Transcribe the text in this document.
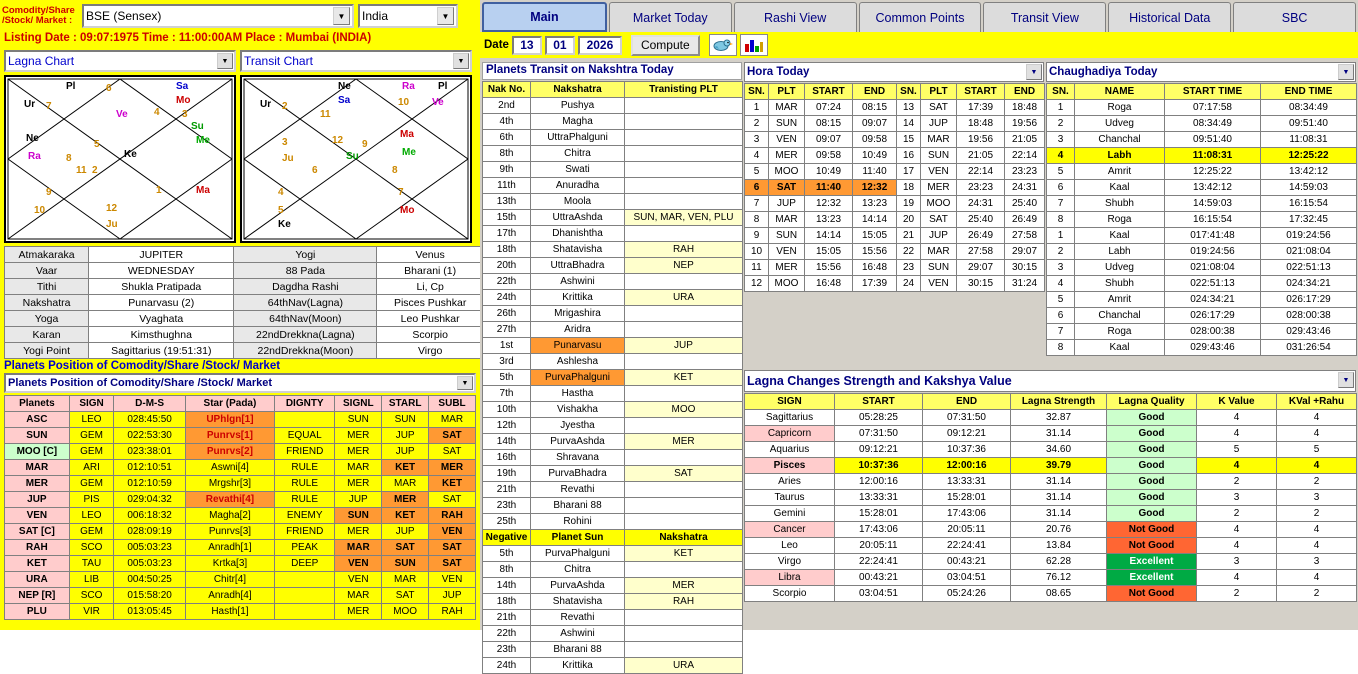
Comodity/Share /Stock/ Market :	BSE (Sensex)	▼	India	▼
Listing Date : 09:07:1975 Time : 11:00:00AM Place : Mumbai (INDIA)
Lagna Chart	▼	Transit Chart	▼
6
Pl
Ur 7
Sa
Mo
3
Su
Me
Ve	4
Ne
Ra
5
8
2
11
Ke
9	1	Ma
10	12
Ju
Ne
Sa
Ur 2
11
Ra Pl
10 Ve
3
Ju
12
Su
9
Ma
Me
6	8
4
5
Ke
7
Mo
Atmakaraka	JUPITER	Yogi	Venus
Vaar	WEDNESDAY	88 Pada	Bharani (1)
Tithi	Shukla Pratipada	Dagdha Rashi	Li, Cp
Nakshatra	Punarvasu (2)	64thNav(Lagna)	Pisces Pushkar
Yoga	Vyaghata	64thNav(Moon)	Leo Pushkar
Karan	Kimsthughna	22ndDrekkna(Lagna)	Scorpio
Yogi Point	Sagittarius (19:51:31)	22ndDrekkna(Moon)	Virgo
Planets Position of Comodity/Share /Stock/ Market
Planets Position of Comodity/Share /Stock/ Market	▼
Planets	SIGN	D-M-S	Star (Pada)	DIGNTY	SIGNL	STARL	SUBL
ASC	LEO	028:45:50	UPhlgn[1]		SUN	SUN	MAR
SUN	GEM	022:53:30	Punrvs[1]	EQUAL	MER	JUP	SAT
MOO [C]	GEM	023:38:01	Punrvs[2]	FRIEND	MER	JUP	SAT
MAR	ARI	012:10:51	Aswni[4]	RULE	MAR	KET	MER
MER	GEM	012:10:59	Mrgshr[3]	RULE	MER	MAR	KET
JUP	PIS	029:04:32	Revathi[4]	RULE	JUP	MER	SAT
VEN	LEO	006:18:32	Magha[2]	ENEMY	SUN	KET	RAH
SAT [C]	GEM	028:09:19	Punrvs[3]	FRIEND	MER	JUP	VEN
RAH	SCO	005:03:23	Anradh[1]	PEAK	MAR	SAT	SAT
KET	TAU	005:03:23	Krtka[3]	DEEP	VEN	SUN	SAT
URA	LIB	004:50:25	Chitr[4]		VEN	MAR	VEN
NEP [R]	SCO	015:58:20	Anradh[4]		MAR	SAT	JUP
PLU	VIR	013:05:45	Hasth[1]		MER	MOO	RAH
Main	Market Today	Rashi View	Common Points	Transit View	Historical Data	SBC
Date 13	01	2026	Compute
Planets Transit on Nakshtra Today
Nak No.	Nakshatra	Tranisting PLT
2nd	Pushya	
4th	Magha	
6th	UttraPhalguni	
8th	Chitra	
9th	Swati	
11th	Anuradha	
13th	Moola	
15th	UttraAshda	SUN, MAR, VEN, PLU
17th	Dhanishtha	
18th	Shatavisha	RAH
20th	UttraBhadra	NEP
22th	Ashwini	
24th	Krittika	URA
26th	Mrigashira	
27th	Aridra	
1st	Punarvasu	JUP
3rd	Ashlesha	
5th	PurvaPhalguni	KET
7th	Hastha	
10th	Vishakha	MOO
12th	Jyestha	
14th	PurvaAshda	MER
16th	Shravana	
19th	PurvaBhadra	SAT
21th	Revathi	
23th	Bharani 88	
25th	Rohini	
Negative	Planet Sun	Nakshatra
5th	PurvaPhalguni	KET
8th	Chitra	
14th	PurvaAshda	MER
18th	Shatavisha	RAH
21th	Revathi	
22th	Ashwini	
23th	Bharani 88	
24th	Krittika	URA
Hora Today	▼
SN.	PLT	START	END	SN.	PLT	START	END
1	MAR	07:24	08:15	13	SAT	17:39	18:48
2	SUN	08:15	09:07	14	JUP	18:48	19:56
3	VEN	09:07	09:58	15	MAR	19:56	21:05
4	MER	09:58	10:49	16	SUN	21:05	22:14
5	MOO	10:49	11:40	17	VEN	22:14	23:23
6	SAT	11:40	12:32	18	MER	23:23	24:31
7	JUP	12:32	13:23	19	MOO	24:31	25:40
8	MAR	13:23	14:14	20	SAT	25:40	26:49
9	SUN	14:14	15:05	21	JUP	26:49	27:58
10	VEN	15:05	15:56	22	MAR	27:58	29:07
11	MER	15:56	16:48	23	SUN	29:07	30:15
12	MOO	16:48	17:39	24	VEN	30:15	31:24
Chaughadiya Today	▼
SN.	NAME	START TIME	END TIME
1	Roga	07:17:58	08:34:49
2	Udveg	08:34:49	09:51:40
3	Chanchal	09:51:40	11:08:31
4	Labh	11:08:31	12:25:22
5	Amrit	12:25:22	13:42:12
6	Kaal	13:42:12	14:59:03
7	Shubh	14:59:03	16:15:54
8	Roga	16:15:54	17:32:45
1	Kaal	017:41:48	019:24:56
2	Labh	019:24:56	021:08:04
3	Udveg	021:08:04	022:51:13
4	Shubh	022:51:13	024:34:21
5	Amrit	024:34:21	026:17:29
6	Chanchal	026:17:29	028:00:38
7	Roga	028:00:38	029:43:46
8	Kaal	029:43:46	031:26:54
Lagna Changes Strength and Kakshya Value	▼
SIGN	START	END	Lagna Strength	Lagna Quality	K Value	KVal +Rahu
Sagittarius	05:28:25	07:31:50	32.87	Good	4	4
Capricorn	07:31:50	09:12:21	31.14	Good	4	4
Aquarius	09:12:21	10:37:36	34.60	Good	5	5
Pisces	10:37:36	12:00:16	39.79	Good	4	4
Aries	12:00:16	13:33:31	31.14	Good	2	2
Taurus	13:33:31	15:28:01	31.14	Good	3	3
Gemini	15:28:01	17:43:06	31.14	Good	2	2
Cancer	17:43:06	20:05:11	20.76	Not Good	4	4
Leo	20:05:11	22:24:41	13.84	Not Good	4	4
Virgo	22:24:41	00:43:21	62.28	Excellent	3	3
Libra	00:43:21	03:04:51	76.12	Excellent	4	4
Scorpio	03:04:51	05:24:26	08.65	Not Good	2	2
